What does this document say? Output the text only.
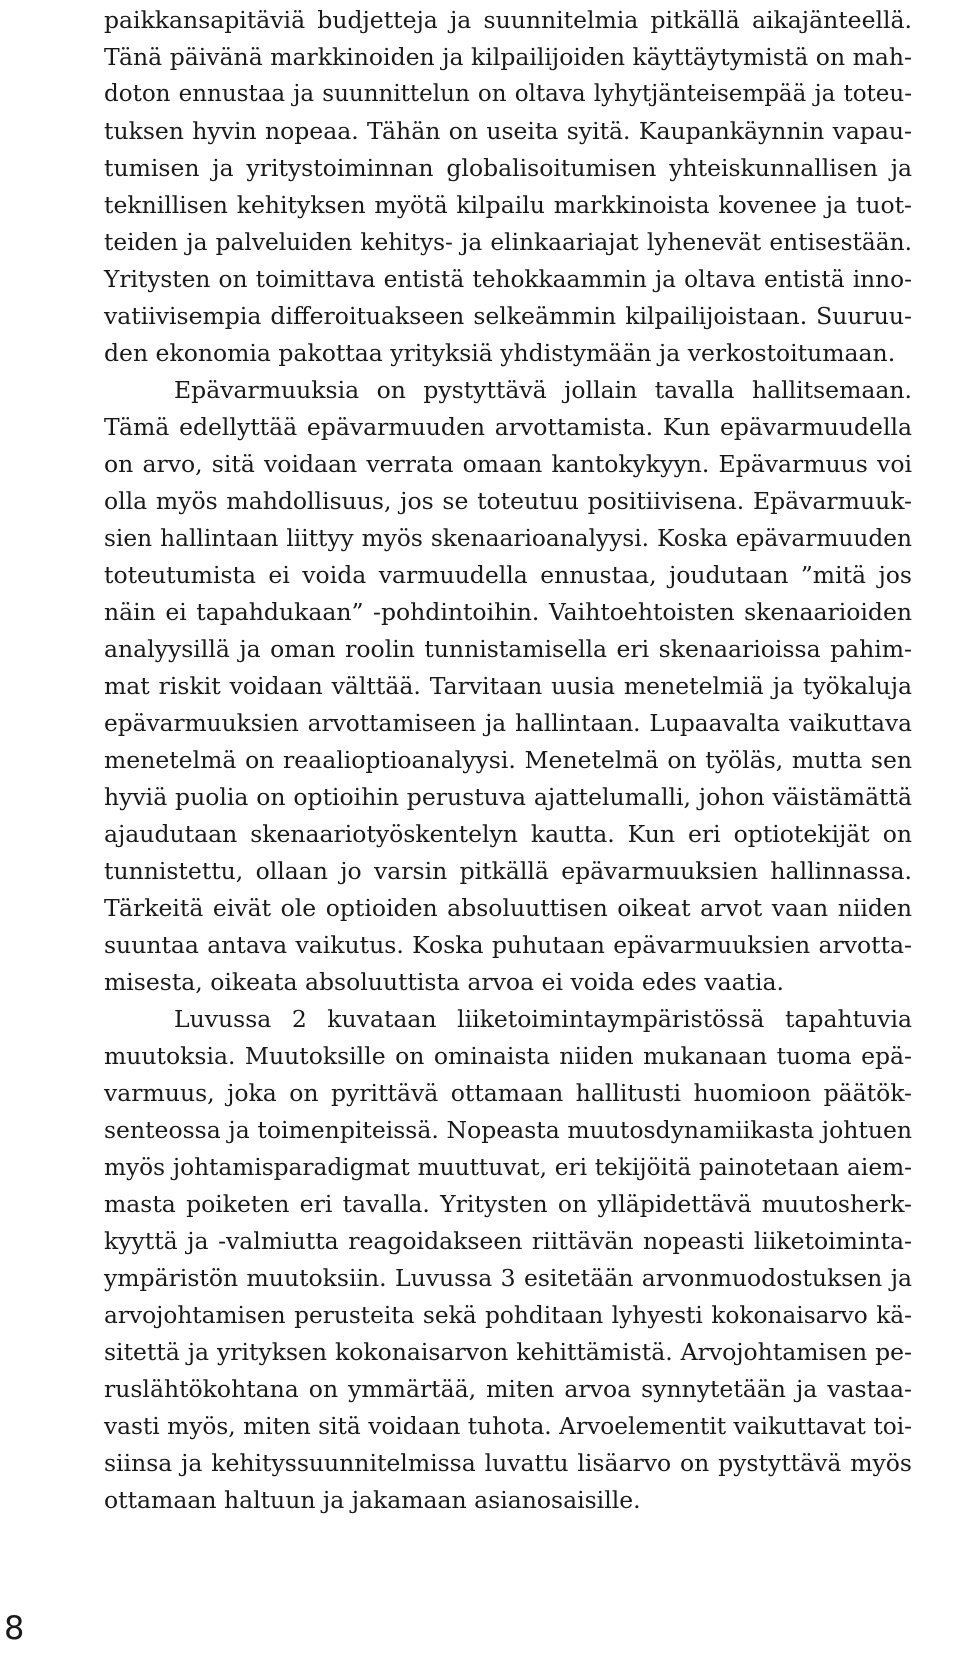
paikkansapitäviä budjetteja ja suunnitelmia pitkällä aikajänteellä.
Tänä päivänä markkinoiden ja kilpailijoiden käyttäytymistä on mah-
doton ennustaa ja suunnittelun on oltava lyhytjänteisempää ja toteu-
tuksen hyvin nopeaa. Tähän on useita syitä. Kaupankäynnin vapau-
tumisen ja yritystoiminnan globalisoitumisen yhteiskunnallisen ja
teknillisen kehityksen myötä kilpailu markkinoista kovenee ja tuot-
teiden ja palveluiden kehitys- ja elinkaariajat lyhenevät entisestään.
Yritysten on toimittava entistä tehokkaammin ja oltava entistä inno-
vatiivisempia differoituakseen selkeämmin kilpailijoistaan. Suuruu-
den ekonomia pakottaa yrityksiä yhdistymään ja verkostoitumaan.
Epävarmuuksia on pystyttävä jollain tavalla hallitsemaan.
Tämä edellyttää epävarmuuden arvottamista. Kun epävarmuudella
on arvo, sitä voidaan verrata omaan kantokykyyn. Epävarmuus voi
olla myös mahdollisuus, jos se toteutuu positiivisena. Epävarmuuk-
sien hallintaan liittyy myös skenaarioanalyysi. Koska epävarmuuden
toteutumista ei voida varmuudella ennustaa, joudutaan ”mitä jos
näin ei tapahdukaan” -pohdintoihin. Vaihtoehtoisten skenaarioiden
analyysillä ja oman roolin tunnistamisella eri skenaarioissa pahim-
mat riskit voidaan välttää. Tarvitaan uusia menetelmiä ja työkaluja
epävarmuuksien arvottamiseen ja hallintaan. Lupaavalta vaikuttava
menetelmä on reaalioptioanalyysi. Menetelmä on työläs, mutta sen
hyviä puolia on optioihin perustuva ajattelumalli, johon väistämättä
ajaudutaan skenaariotyöskentelyn kautta. Kun eri optiotekijät on
tunnistettu, ollaan jo varsin pitkällä epävarmuuksien hallinnassa.
Tärkeitä eivät ole optioiden absoluuttisen oikeat arvot vaan niiden
suuntaa antava vaikutus. Koska puhutaan epävarmuuksien arvotta-
misesta, oikeata absoluuttista arvoa ei voida edes vaatia.
Luvussa 2 kuvataan liiketoimintaympäristössä tapahtuvia
muutoksia. Muutoksille on ominaista niiden mukanaan tuoma epä-
varmuus, joka on pyrittävä ottamaan hallitusti huomioon päätök-
senteossa ja toimenpiteissä. Nopeasta muutosdynamiikasta johtuen
myös johtamisparadigmat muuttuvat, eri tekijöitä painotetaan aiem-
masta poiketen eri tavalla. Yritysten on ylläpidettävä muutosherk-
kyyttä ja -valmiutta reagoidakseen riittävän nopeasti liiketoiminta-
ympäristön muutoksiin. Luvussa 3 esitetään arvonmuodostuksen ja
arvojohtamisen perusteita sekä pohditaan lyhyesti kokonaisarvo kä-
sitettä ja yrityksen kokonaisarvon kehittämistä. Arvojohtamisen pe-
ruslähtökohtana on ymmärtää, miten arvoa synnytetään ja vastaa-
vasti myös, miten sitä voidaan tuhota. Arvoelementit vaikuttavat toi-
siinsa ja kehityssuunnitelmissa luvattu lisäarvo on pystyttävä myös
ottamaan haltuun ja jakamaan asianosaisille.
8
